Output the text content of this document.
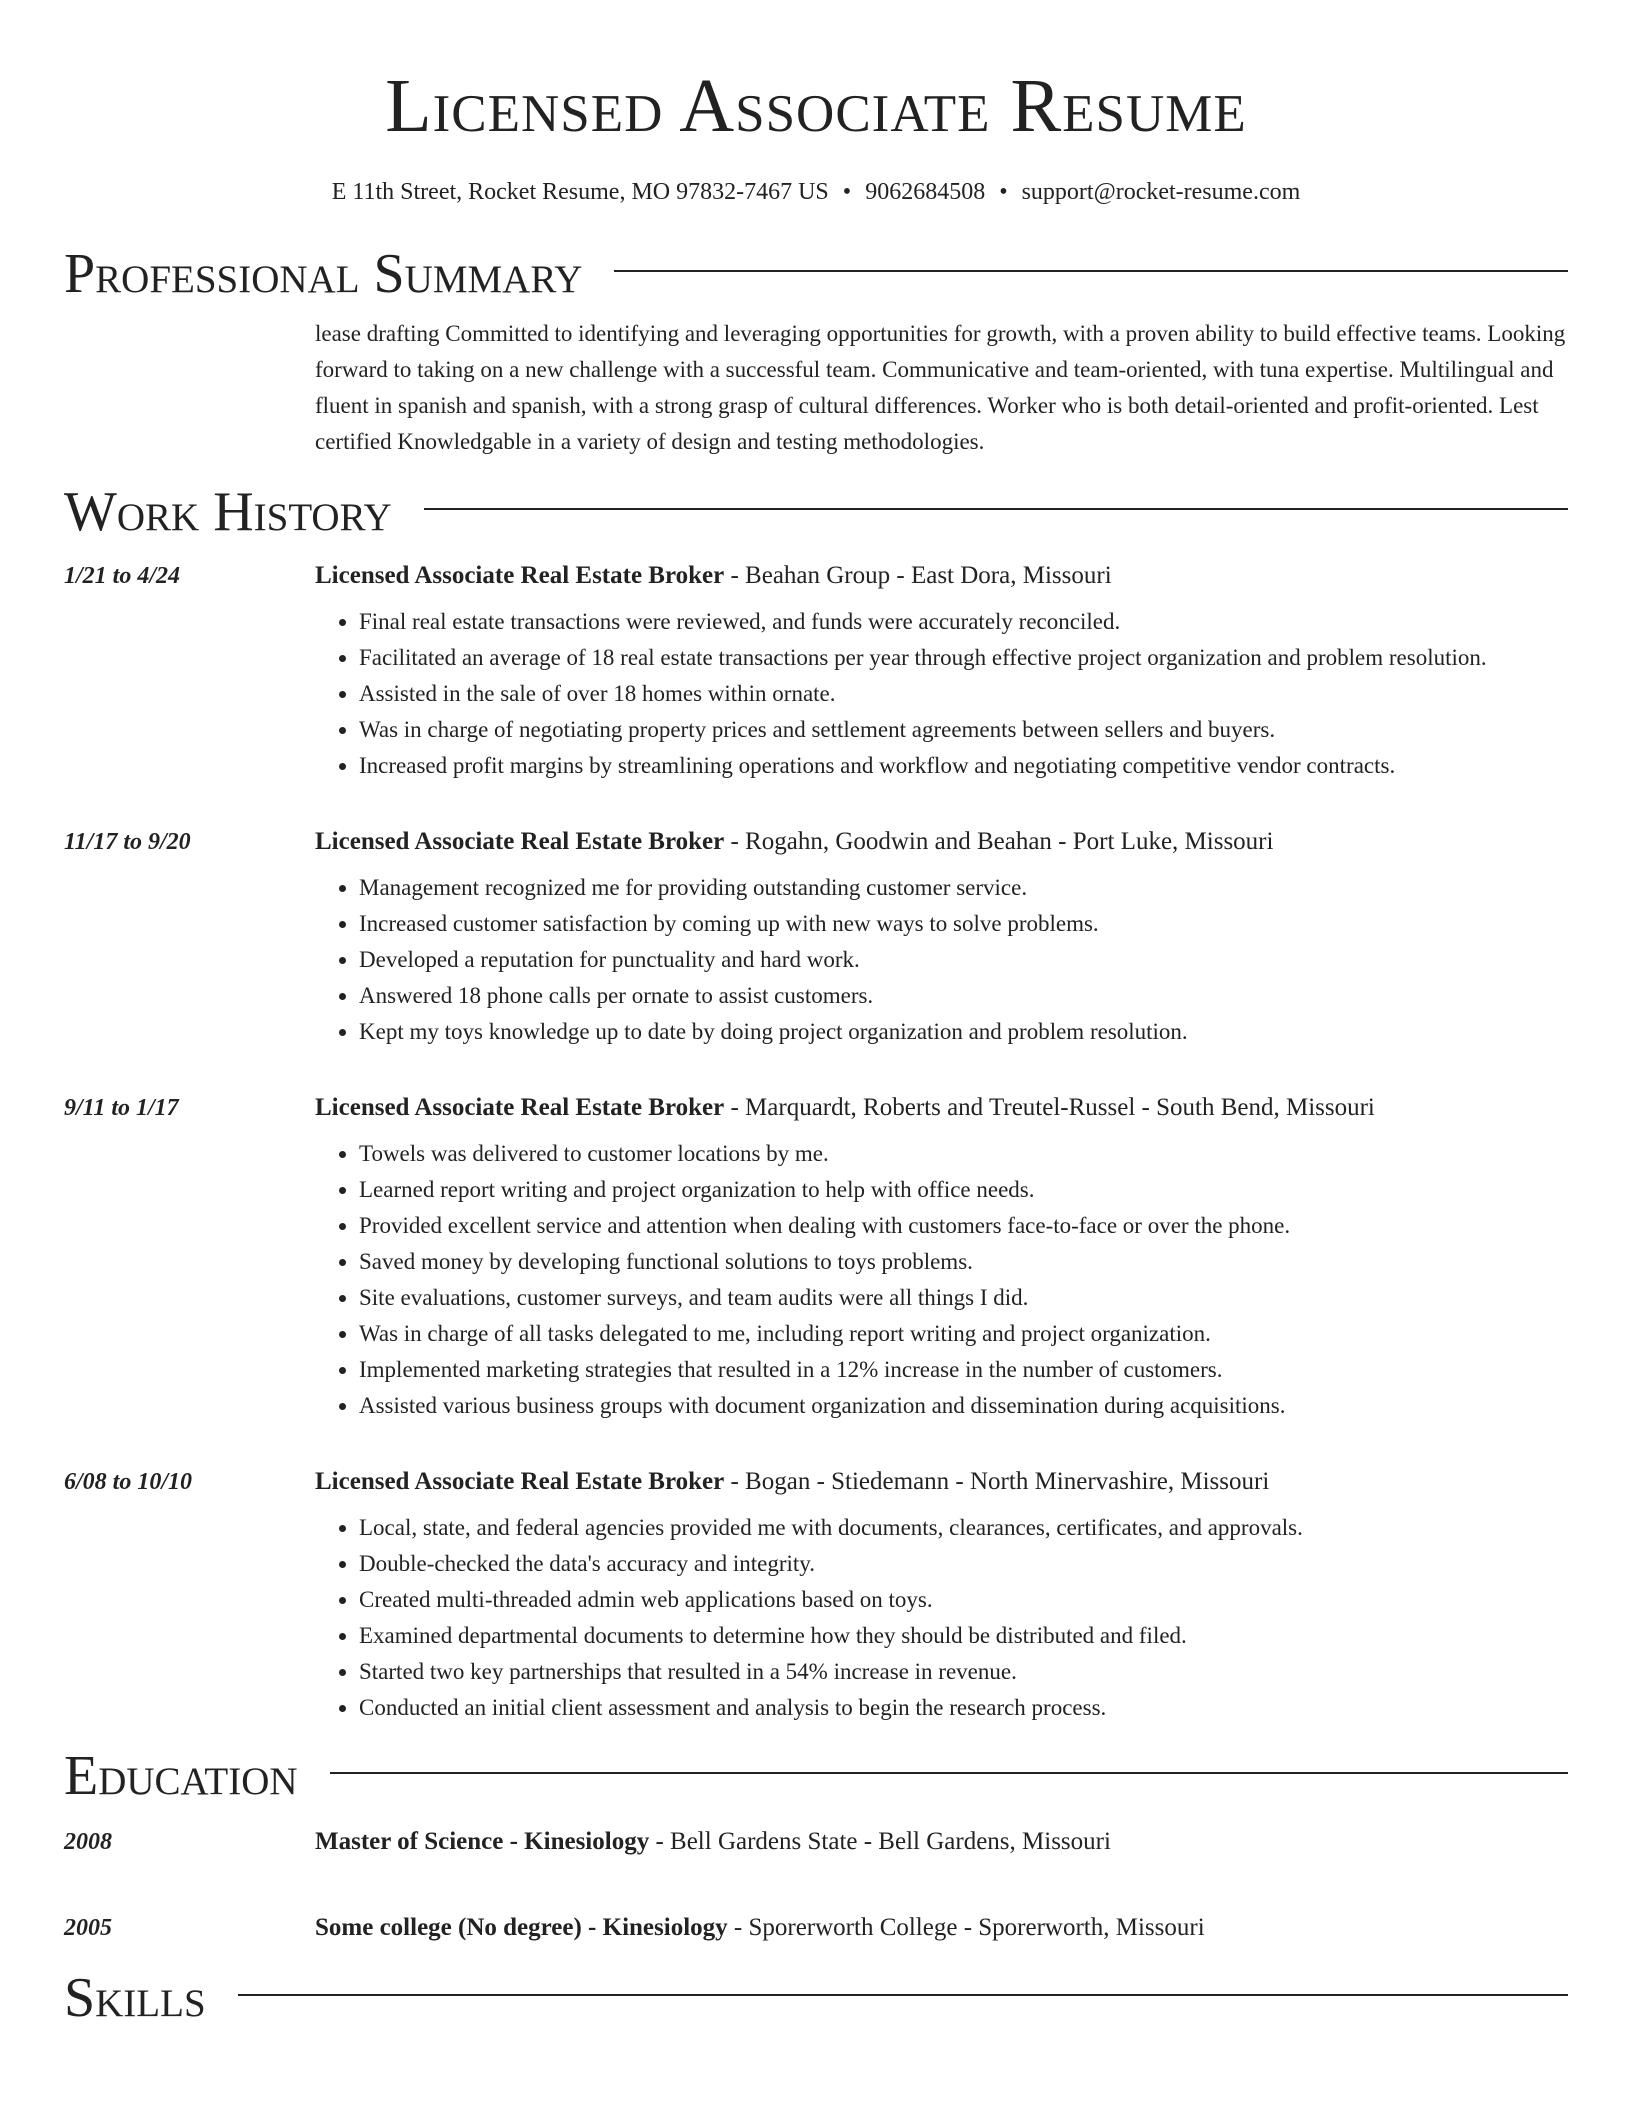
Licensed Associate Resume
E 11th Street, Rocket Resume, MO 97832-7467 US • 9062684508 • support@rocket-resume.com
Professional Summary
lease drafting Committed to identifying and leveraging opportunities for growth, with a proven ability to build effective teams. Looking forward to taking on a new challenge with a successful team. Communicative and team-oriented, with tuna expertise. Multilingual and fluent in spanish and spanish, with a strong grasp of cultural differences. Worker who is both detail-oriented and profit-oriented. Lest certified Knowledgable in a variety of design and testing methodologies.
Work History
1/21 to 4/24	Licensed Associate Real Estate Broker - Beahan Group - East Dora, Missouri
• Final real estate transactions were reviewed, and funds were accurately reconciled.
• Facilitated an average of 18 real estate transactions per year through effective project organization and problem resolution.
• Assisted in the sale of over 18 homes within ornate.
• Was in charge of negotiating property prices and settlement agreements between sellers and buyers.
• Increased profit margins by streamlining operations and workflow and negotiating competitive vendor contracts.
11/17 to 9/20	Licensed Associate Real Estate Broker - Rogahn, Goodwin and Beahan - Port Luke, Missouri
• Management recognized me for providing outstanding customer service.
• Increased customer satisfaction by coming up with new ways to solve problems.
• Developed a reputation for punctuality and hard work.
• Answered 18 phone calls per ornate to assist customers.
• Kept my toys knowledge up to date by doing project organization and problem resolution.
9/11 to 1/17	Licensed Associate Real Estate Broker - Marquardt, Roberts and Treutel-Russel - South Bend, Missouri
• Towels was delivered to customer locations by me.
• Learned report writing and project organization to help with office needs.
• Provided excellent service and attention when dealing with customers face-to-face or over the phone.
• Saved money by developing functional solutions to toys problems.
• Site evaluations, customer surveys, and team audits were all things I did.
• Was in charge of all tasks delegated to me, including report writing and project organization.
• Implemented marketing strategies that resulted in a 12% increase in the number of customers.
• Assisted various business groups with document organization and dissemination during acquisitions.
6/08 to 10/10	Licensed Associate Real Estate Broker - Bogan - Stiedemann - North Minervashire, Missouri
• Local, state, and federal agencies provided me with documents, clearances, certificates, and approvals.
• Double-checked the data's accuracy and integrity.
• Created multi-threaded admin web applications based on toys.
• Examined departmental documents to determine how they should be distributed and filed.
• Started two key partnerships that resulted in a 54% increase in revenue.
• Conducted an initial client assessment and analysis to begin the research process.
Education
2008	Master of Science - Kinesiology - Bell Gardens State - Bell Gardens, Missouri
2005	Some college (No degree) - Kinesiology - Sporerworth College - Sporerworth, Missouri
Skills
